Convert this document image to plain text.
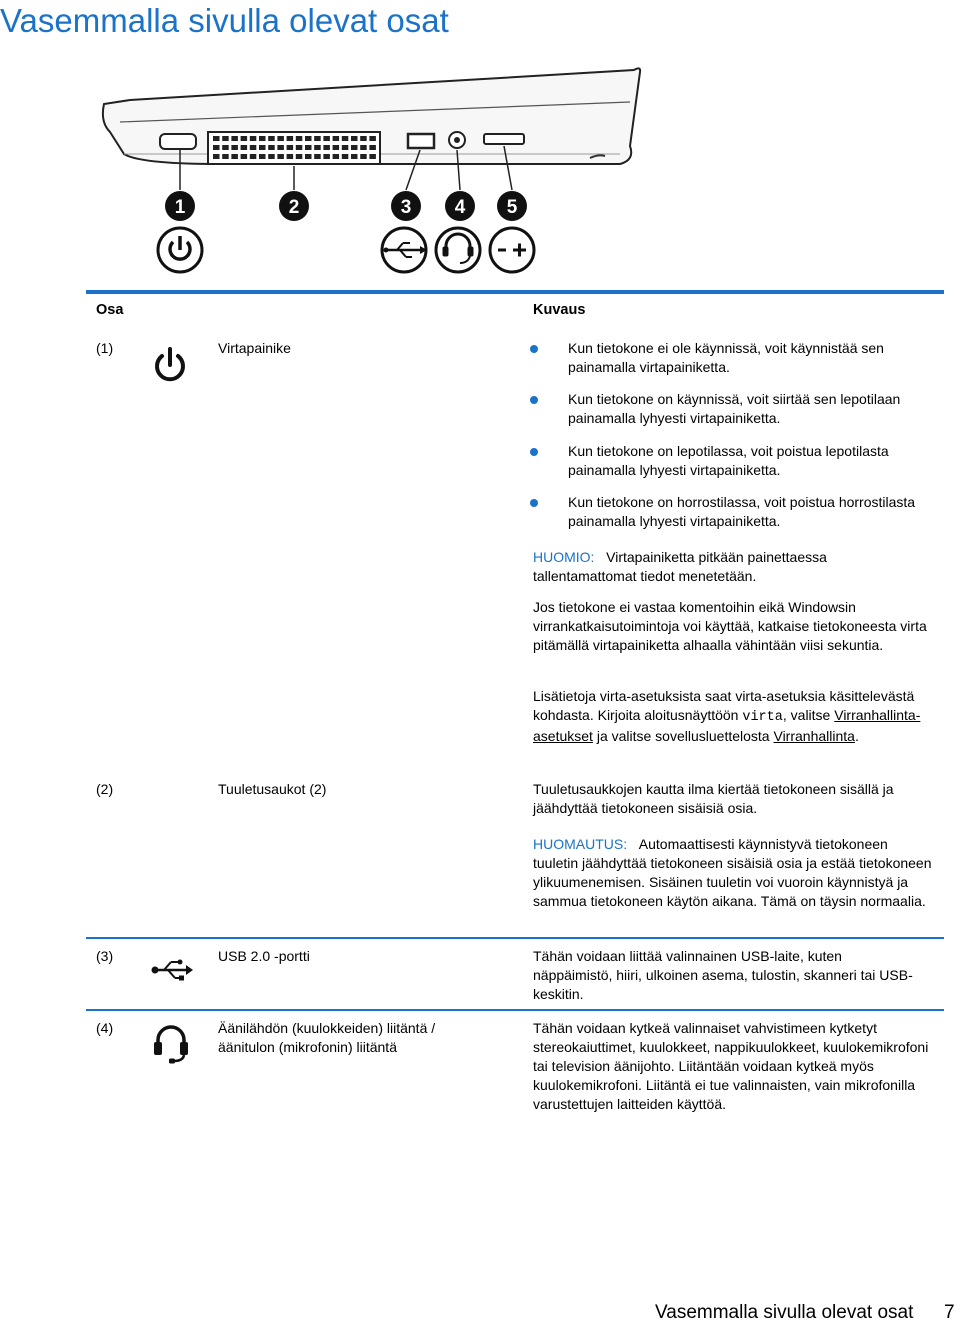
Vasemmalla sivulla olevat osat
1	2	3 4 5
Osa	Kuvaus
(1)	Virtapainike	Kun tietokone ei ole käynnissä, voit käynnistää sen painamalla virtapainiketta.
Kun tietokone on käynnissä, voit siirtää sen lepotilaan painamalla lyhyesti virtapainiketta.
Kun tietokone on lepotilassa, voit poistua lepotilasta painamalla lyhyesti virtapainiketta.
Kun tietokone on horrostilassa, voit poistua horrostilasta painamalla lyhyesti virtapainiketta.
HUOMIO: Virtapainiketta pitkään painettaessa tallentamattomat tiedot menetetään.
Jos tietokone ei vastaa komentoihin eikä Windowsin virrankatkaisutoimintoja voi käyttää, katkaise tietokoneesta virta pitämällä virtapainiketta alhaalla vähintään viisi sekuntia.
Lisätietoja virta-asetuksista saat virta-asetuksia käsittelevästä kohdasta. Kirjoita aloitusnäyttöön virta, valitse Virranhallinta-asetukset ja valitse sovellusluettelosta Virranhallinta.
(2)	Tuuletusaukot (2)	Tuuletusaukkojen kautta ilma kiertää tietokoneen sisällä ja jäähdyttää tietokoneen sisäisiä osia.
HUOMAUTUS: Automaattisesti käynnistyvä tietokoneen tuuletin jäähdyttää tietokoneen sisäisiä osia ja estää tietokoneen ylikuumenemisen. Sisäinen tuuletin voi vuoroin käynnistyä ja sammua tietokoneen käytön aikana. Tämä on täysin normaalia.
(3)	USB 2.0 -portti	Tähän voidaan liittää valinnainen USB-laite, kuten näppäimistö, hiiri, ulkoinen asema, tulostin, skanneri tai USB-keskitin.
(4)	Äänilähdön (kuulokkeiden) liitäntä / äänitulon (mikrofonin) liitäntä
Tähän voidaan kytkeä valinnaiset vahvistimeen kytketyt stereokaiuttimet, kuulokkeet, nappikuulokkeet, kuulokemikrofoni tai television äänijohto. Liitäntään voidaan kytkeä myös kuulokemikrofoni. Liitäntä ei tue valinnaisten, vain mikrofonilla varustettujen laitteiden käyttöä.
Vasemmalla sivulla olevat osat 7
